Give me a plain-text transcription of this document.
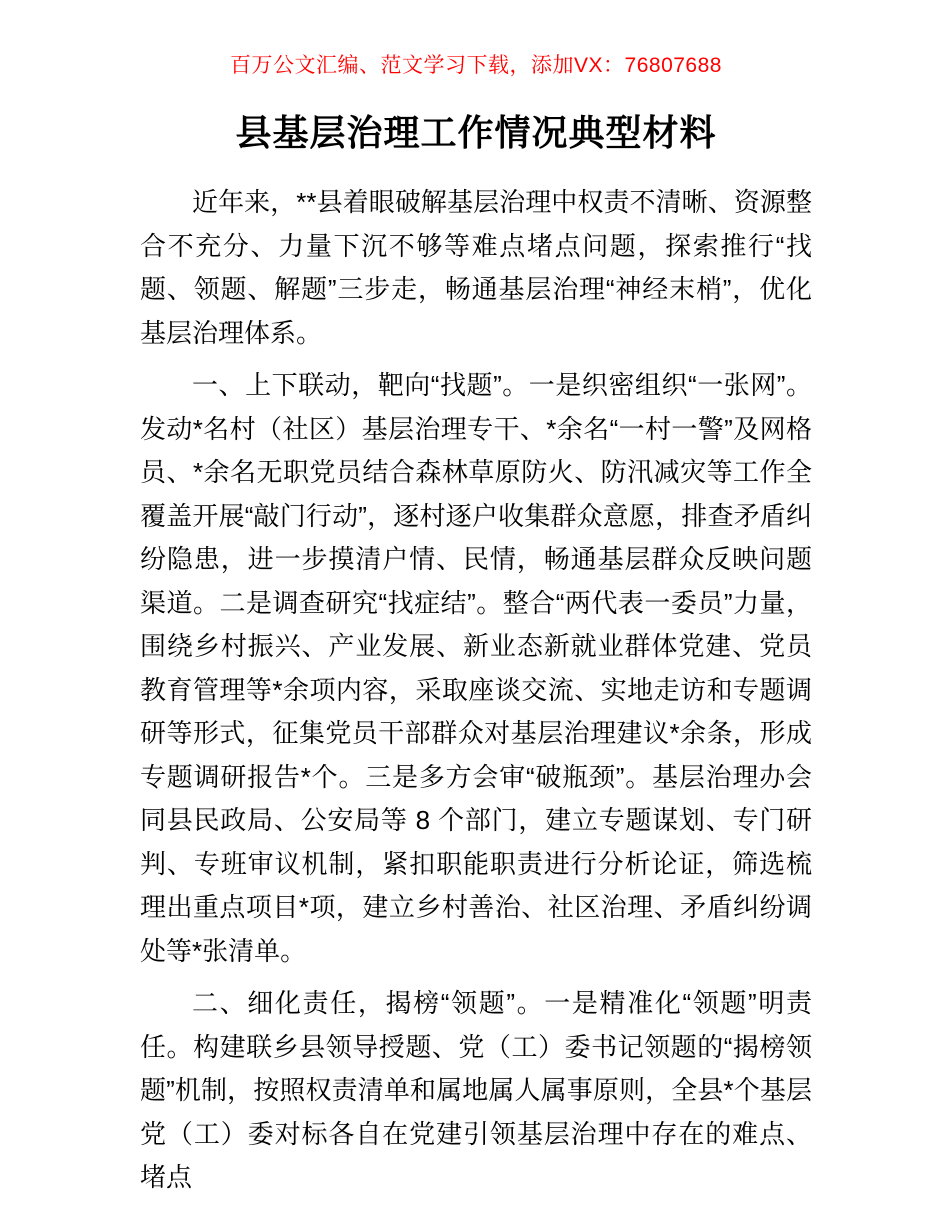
百万公文汇编、范文学习下载，添加VX：76807688
县基层治理工作情况典型材料

近年来，**县着眼破解基层治理中权责不清晰、资源整合不充分、力量下沉不够等难点堵点问题，探索推行“找题、领题、解题”三步走，畅通基层治理“神经末梢”，优化基层治理体系。

一、上下联动，靶向“找题”。一是织密组织“一张网”。发动*名村（社区）基层治理专干、*余名“一村一警”及网格员、*余名无职党员结合森林草原防火、防汛减灾等工作全覆盖开展“敲门行动”，逐村逐户收集群众意愿，排查矛盾纠纷隐患，进一步摸清户情、民情，畅通基层群众反映问题渠道。二是调查研究“找症结”。整合“两代表一委员”力量，围绕乡村振兴、产业发展、新业态新就业群体党建、党员教育管理等*余项内容，采取座谈交流、实地走访和专题调研等形式，征集党员干部群众对基层治理建议*余条，形成专题调研报告*个。三是多方会审“破瓶颈”。基层治理办会同县民政局、公安局等 8 个部门，建立专题谋划、专门研判、专班审议机制，紧扣职能职责进行分析论证，筛选梳理出重点项目*项，建立乡村善治、社区治理、矛盾纠纷调处等*张清单。

二、细化责任，揭榜“领题”。一是精准化“领题”明责任。构建联乡县领导授题、党（工）委书记领题的“揭榜领题”机制，按照权责清单和属地属人属事原则，全县*个基层党（工）委对标各自在党建引领基层治理中存在的难点、堵点
